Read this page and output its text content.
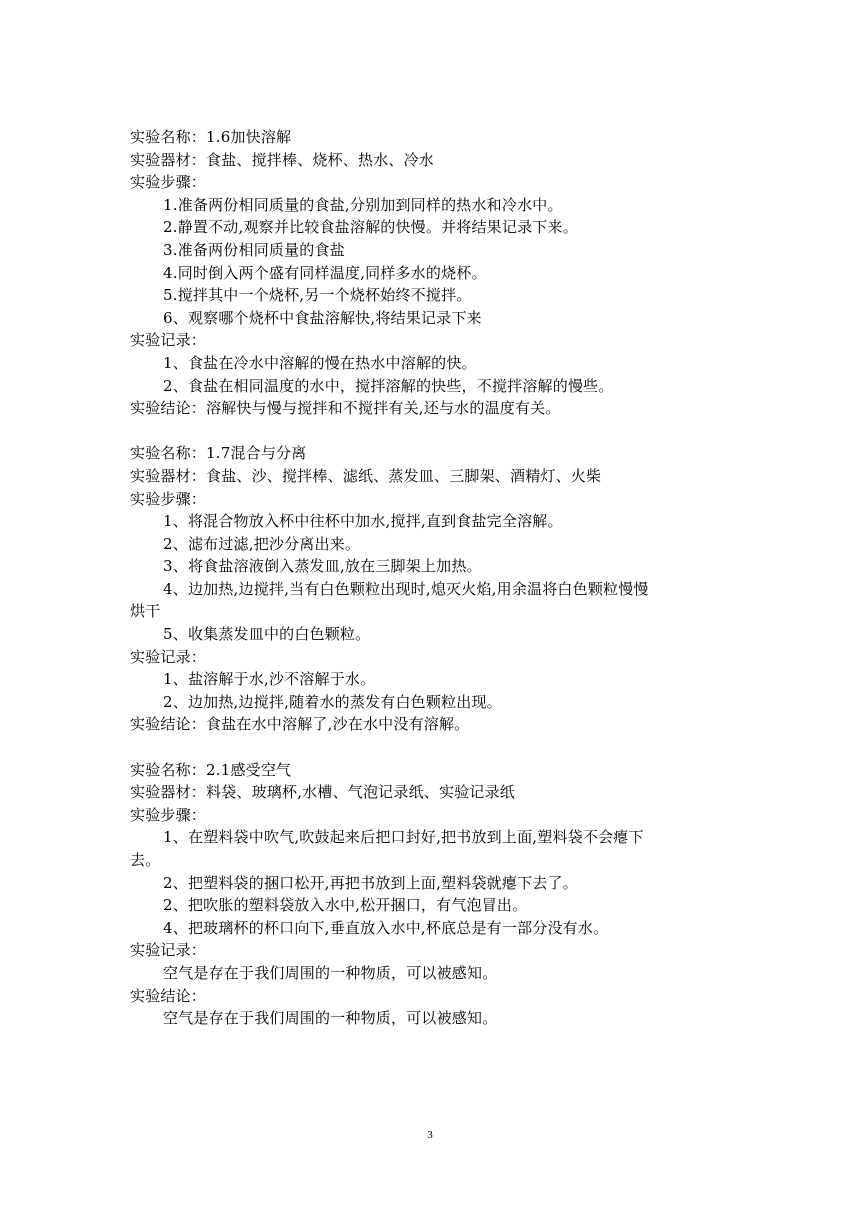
实验名称：1.6加快溶解
实验器材：食盐、搅拌棒、烧杯、热水、冷水
实验步骤：
1.准备两份相同质量的食盐,分别加到同样的热水和冷水中。
2.静置不动,观察并比较食盐溶解的快慢。并将结果记录下来。
3.准备两份相同质量的食盐
4.同时倒入两个盛有同样温度,同样多水的烧杯。
5.搅拌其中一个烧杯,另一个烧杯始终不搅拌。
6、观察哪个烧杯中食盐溶解快,将结果记录下来
实验记录：
1、食盐在冷水中溶解的慢在热水中溶解的快。
2、食盐在相同温度的水中，搅拌溶解的快些，不搅拌溶解的慢些。
实验结论：溶解快与慢与搅拌和不搅拌有关,还与水的温度有关。
实验名称：1.7混合与分离
实验器材：食盐、沙、搅拌棒、滤纸、蒸发皿、三脚架、酒精灯、火柴
实验步骤：
1、将混合物放入杯中往杯中加水,搅拌,直到食盐完全溶解。
2、滤布过滤,把沙分离出来。
3、将食盐溶液倒入蒸发皿,放在三脚架上加热。
4、边加热,边搅拌,当有白色颗粒出现时,熄灭火焰,用余温将白色颗粒慢慢
烘干
5、收集蒸发皿中的白色颗粒。
实验记录：
1、盐溶解于水,沙不溶解于水。
2、边加热,边搅拌,随着水的蒸发有白色颗粒出现。
实验结论：食盐在水中溶解了,沙在水中没有溶解。
实验名称：2.1感受空气
实验器材：料袋、玻璃杯,水槽、气泡记录纸、实验记录纸
实验步骤：
1、在塑料袋中吹气,吹鼓起来后把口封好,把书放到上面,塑料袋不会瘪下
去。
2、把塑料袋的捆口松开,再把书放到上面,塑料袋就瘪下去了。
2、把吹胀的塑料袋放入水中,松开捆口，有气泡冒出。
4、把玻璃杯的杯口向下,垂直放入水中,杯底总是有一部分没有水。
实验记录：
空气是存在于我们周围的一种物质，可以被感知。
实验结论：
空气是存在于我们周围的一种物质，可以被感知。
3
